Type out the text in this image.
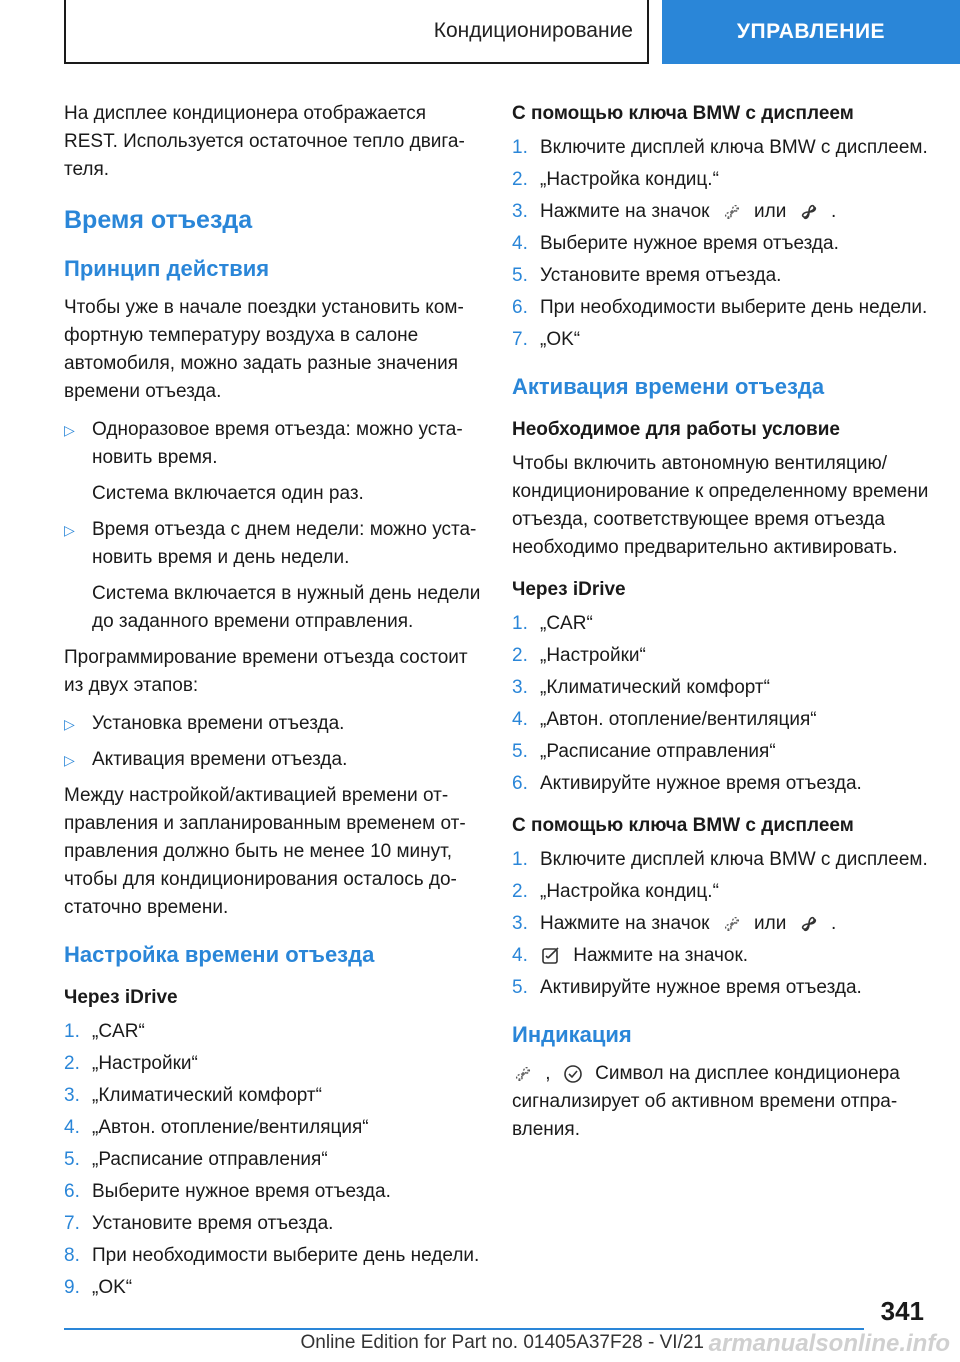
Кондиционирование	УПРАВЛЕНИЕ

На дисплее кондиционера отображается REST. Используется остаточное тепло двигателя.

Время отъезда
Принцип действия

Чтобы уже в начале поездки установить комфортную температуру воздуха в салоне автомобиля, можно задать разные значения времени отъезда.

▷ Одноразовое время отъезда: можно установить время.
Система включается один раз.
▷ Время отъезда с днем недели: можно установить время и день недели.
Система включается в нужный день недели до заданного времени отправления.

Программирование времени отъезда состоит из двух этапов:

▷ Установка времени отъезда.
▷ Активация времени отъезда.

Между настройкой/активацией времени отправления и запланированным временем отправления должно быть не менее 10 минут, чтобы для кондиционирования осталось достаточно времени.

Настройка времени отъезда
Через iDrive
1. „CAR“
2. „Настройки“
3. „Климатический комфорт“
4. „Автон. отопление/вентиляция“
5. „Расписание отправления“
6. Выберите нужное время отъезда.
7. Установите время отъезда.
8. При необходимости выберите день недели.
9. „OK“
С помощью ключа BMW с дисплеем
1. Включите дисплей ключа BMW с дисплеем.
2. „Настройка кондиц.“
3. Нажмите на значок или .
4. Выберите нужное время отъезда.
5. Установите время отъезда.
6. При необходимости выберите день недели.
7. „OK“
Активация времени отъезда
Необходимое для работы условие

Чтобы включить автономную вентиляцию/ кондиционирование к определенному времени отъезда, соответствующее время отъезда необходимо предварительно активировать.

Через iDrive
1. „CAR“
2. „Настройки“
3. „Климатический комфорт“
4. „Автон. отопление/вентиляция“
5. „Расписание отправления“
6. Активируйте нужное время отъезда.
С помощью ключа BMW с дисплеем
1. Включите дисплей ключа BMW с дисплеем.
2. „Настройка кондиц.“
3. Нажмите на значок или .
4.	Нажмите на значок.
5. Активируйте нужное время отъезда.
Индикация

, Символ на дисплее кондиционера сигнализирует об активном времени отправления.

341
Online Edition for Part no. 01405A37F28 - VI/21 armanualsonline.info
